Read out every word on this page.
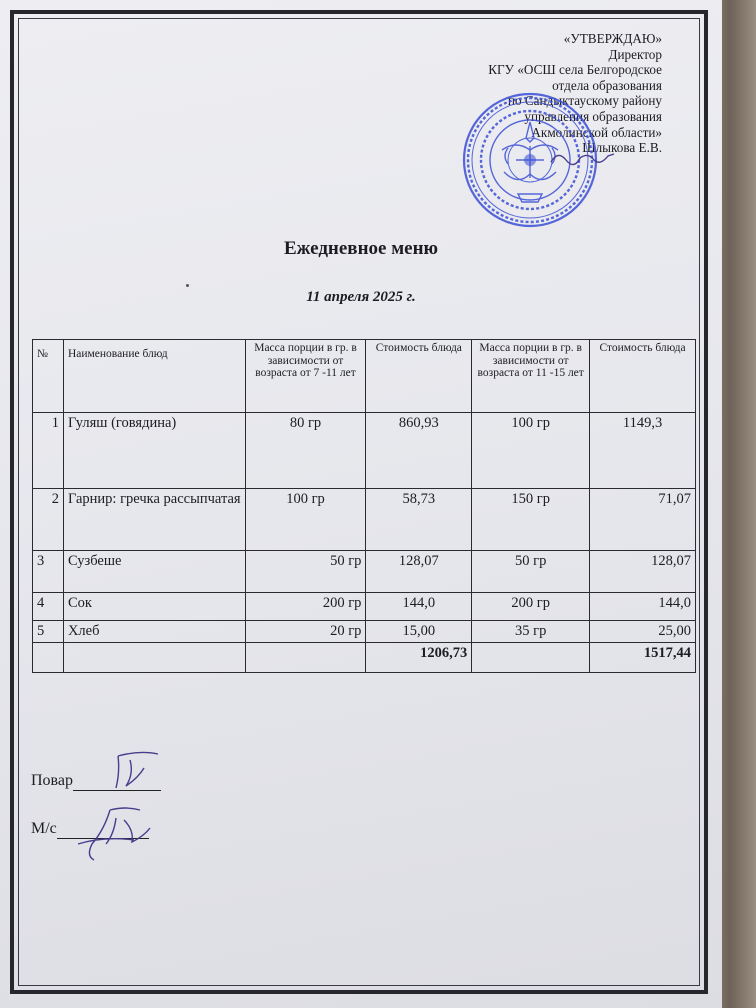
«УТВЕРЖДАЮ»
Директор
КГУ «ОСШ села Белгородское
отдела образования
по Сандыктаускому району
управления образования
Акмолинской области»
Шлыкова Е.В.
Ежедневное меню
11 апреля 2025 г.
№	Наименование блюд	Масса порции в гр. в зависимости от возраста от 7 -11 лет	Стоимость блюда	Масса порции в гр. в зависимости от возраста от 11 -15 лет	Стоимость блюда
1	Гуляш (говядина)	80 гр	860,93	100 гр	1149,3
2	Гарнир: гречка рассыпчатая	100 гр	58,73	150 гр	71,07
3	Сузбеше	50 гр	128,07	50 гр	128,07
4	Сок	200 гр	144,0	200 гр	144,0
5	Хлеб	20 гр	15,00	35 гр	25,00
			1206,73		1517,44
Повар
М/с
